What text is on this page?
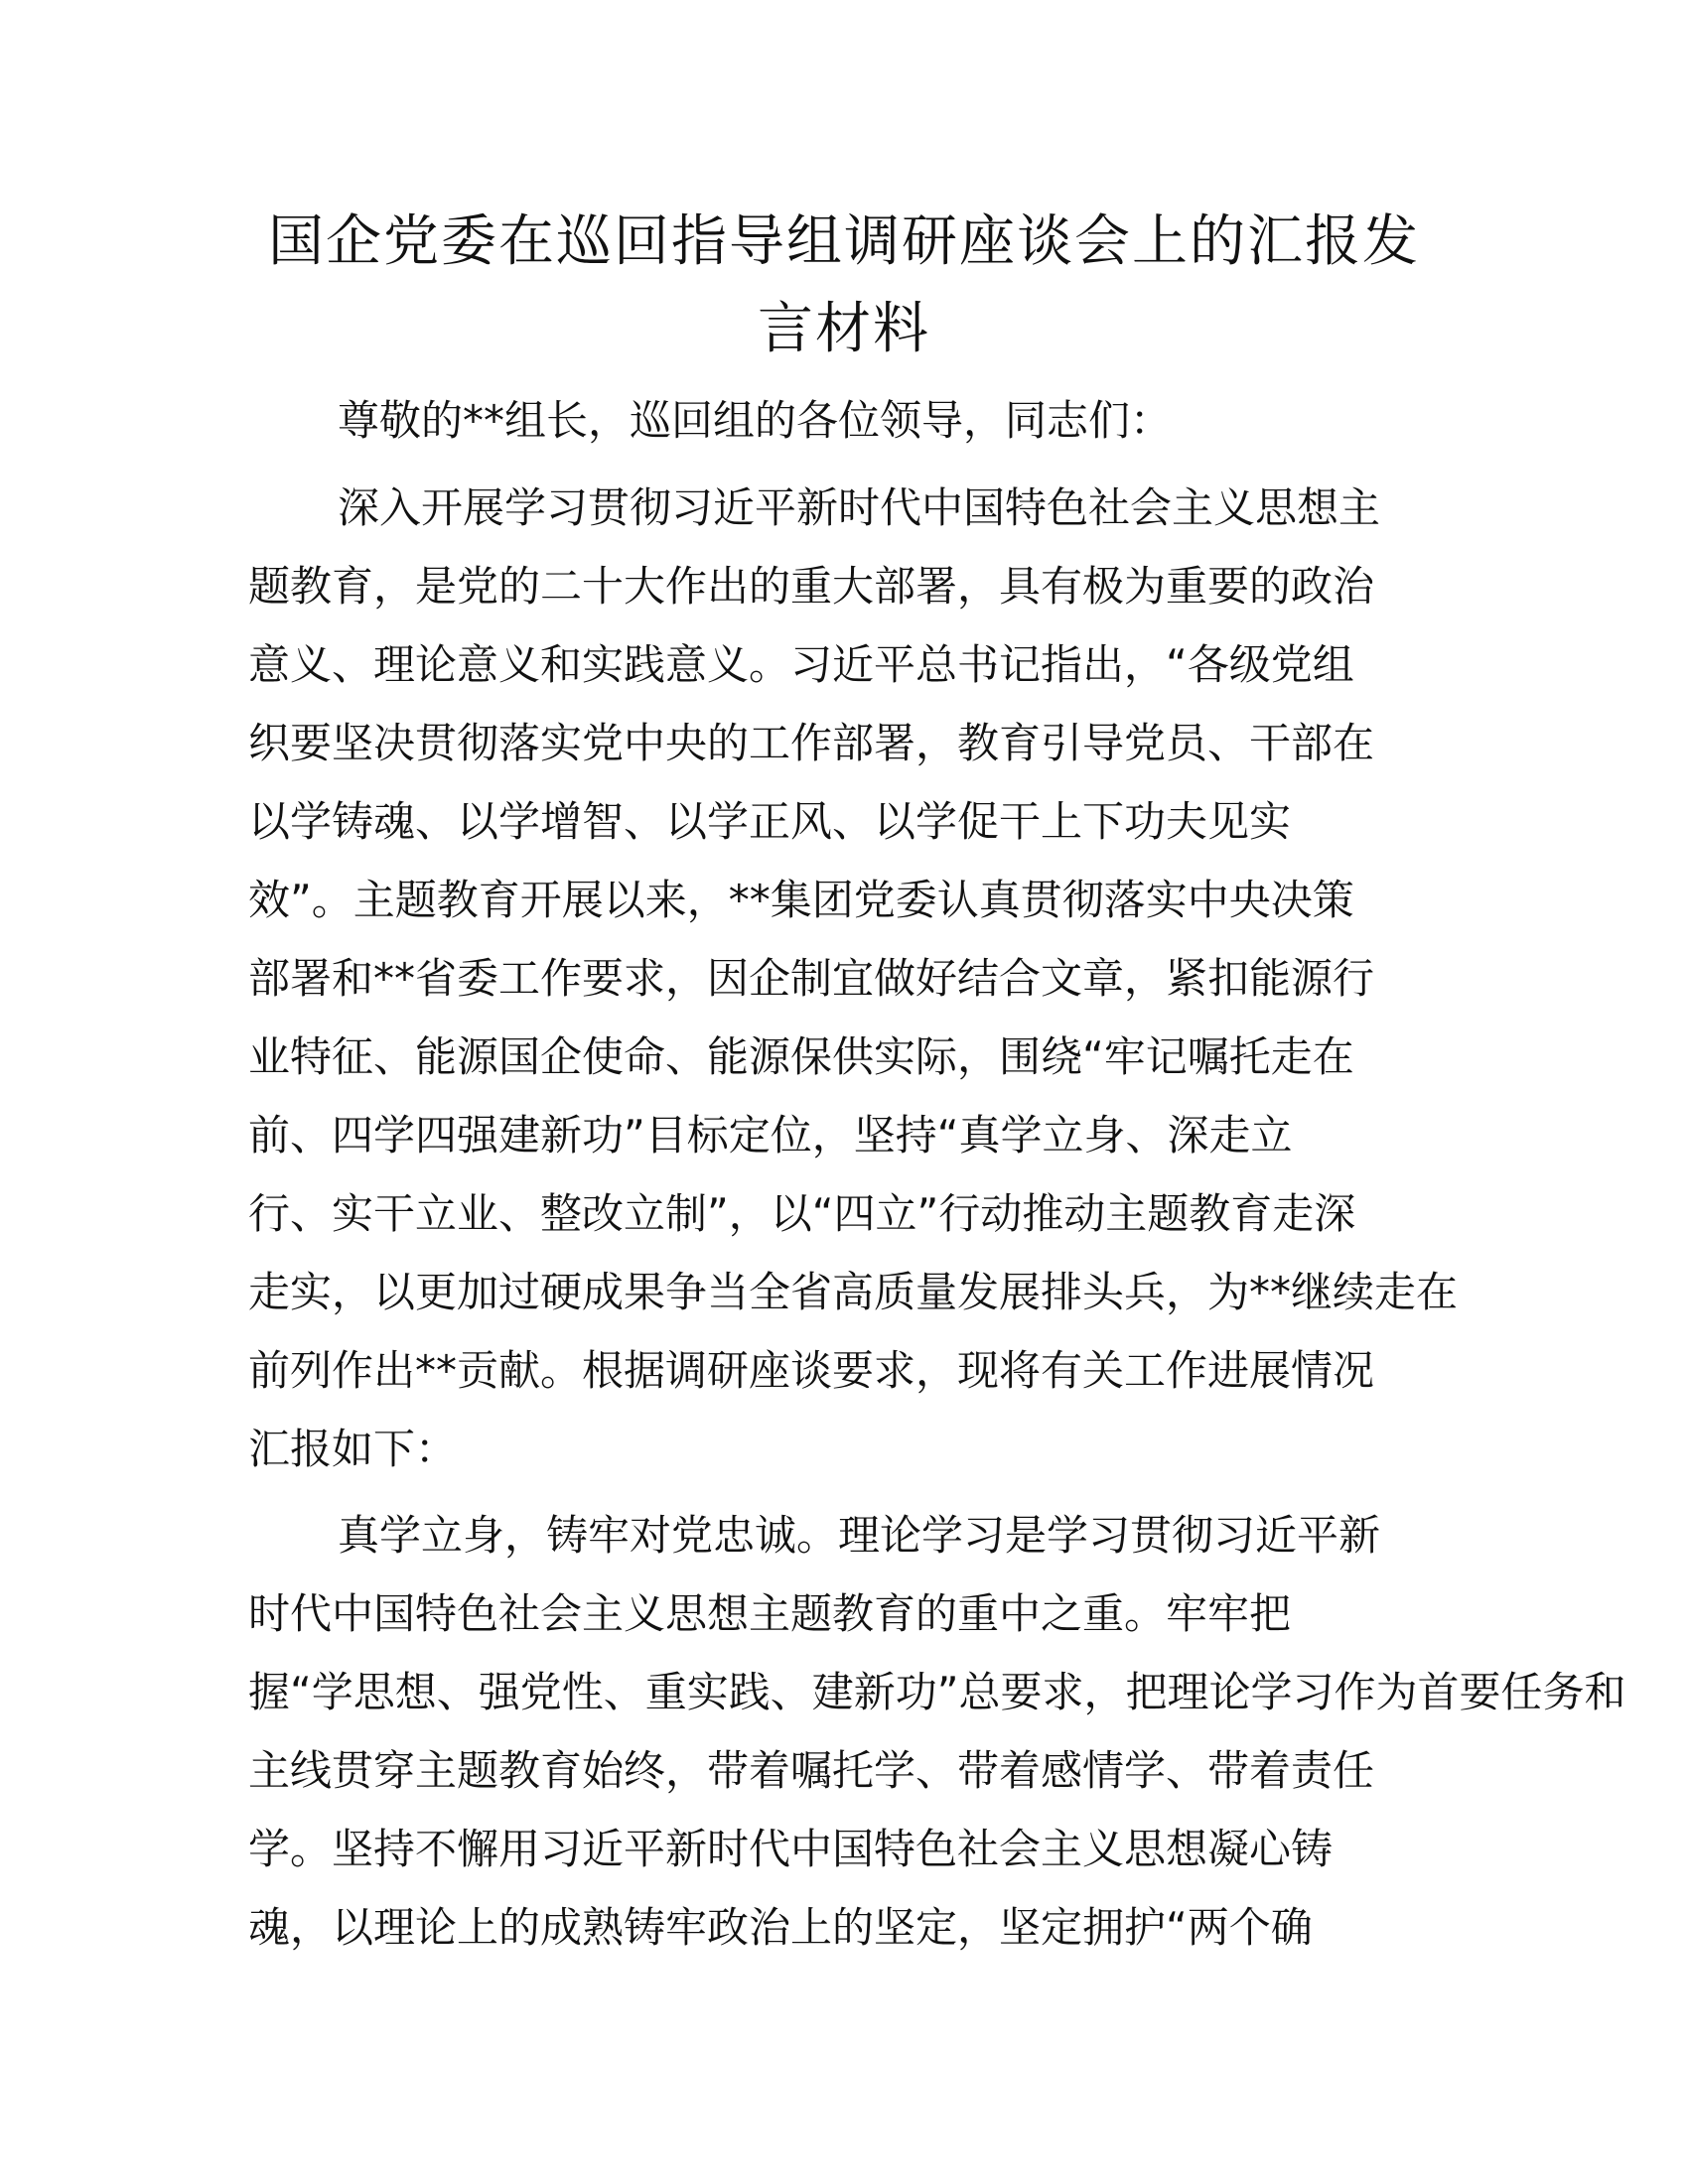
国企党委在巡回指导组调研座谈会上的汇报发
言材料

尊敬的**组长，巡回组的各位领导，同志们：

深入开展学习贯彻习近平新时代中国特色社会主义思想主

题教育，是党的二十大作出的重大部署，具有极为重要的政治

意义、理论意义和实践意义。习近平总书记指出，“各级党组

织要坚决贯彻落实党中央的工作部署，教育引导党员、干部在

以学铸魂、以学增智、以学正风、以学促干上下功夫见实

效”。主题教育开展以来，**集团党委认真贯彻落实中央决策

部署和**省委工作要求，因企制宜做好结合文章，紧扣能源行

业特征、能源国企使命、能源保供实际，围绕“牢记嘱托走在

前、四学四强建新功”目标定位，坚持“真学立身、深走立

行、实干立业、整改立制”，以“四立”行动推动主题教育走深

走实，以更加过硬成果争当全省高质量发展排头兵，为**继续走在

前列作出**贡献。根据调研座谈要求，现将有关工作进展情况

汇报如下：

真学立身，铸牢对党忠诚。理论学习是学习贯彻习近平新

时代中国特色社会主义思想主题教育的重中之重。牢牢把

握“学思想、强党性、重实践、建新功”总要求，把理论学习作为首要任务和

主线贯穿主题教育始终，带着嘱托学、带着感情学、带着责任

学。坚持不懈用习近平新时代中国特色社会主义思想凝心铸

魂，以理论上的成熟铸牢政治上的坚定，坚定拥护“两个确
